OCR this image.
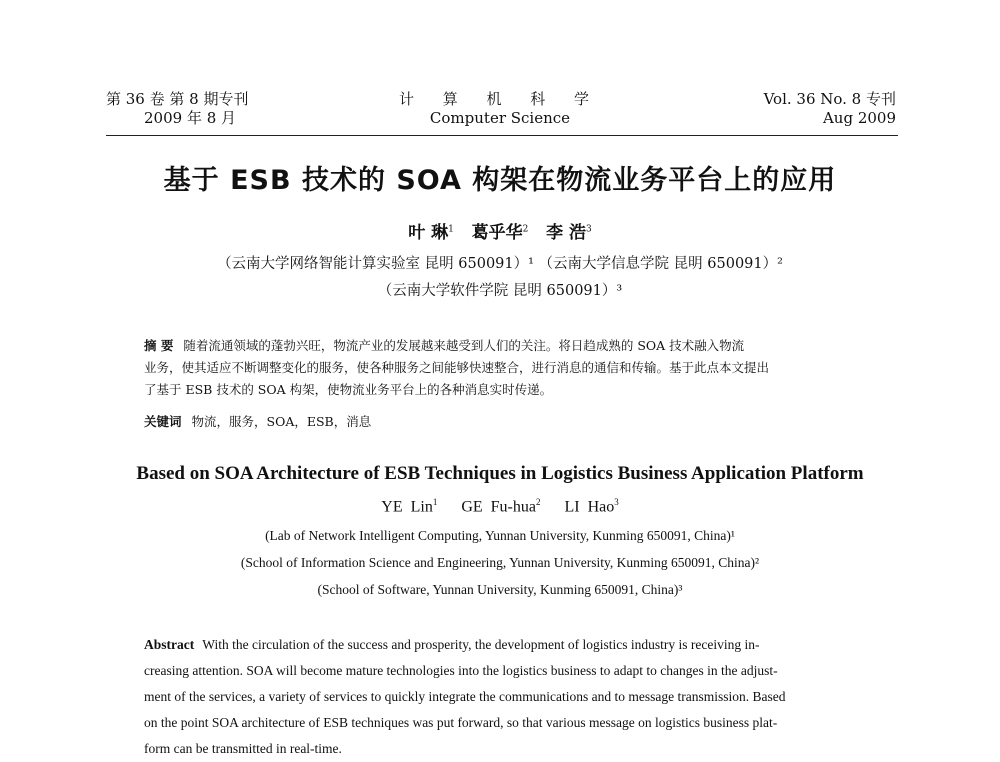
第 36 卷 第 8 期专刊
2009 年 8 月
计 算 机 科 学
Computer Science
Vol. 36 No. 8 专刊
Aug 2009
基于 ESB 技术的 SOA 构架在物流业务平台上的应用
叶 琳$^1$ 葛乎华$^2$ 李 浩$^3$
（云南大学网络智能计算实验室 昆明 650091）¹ （云南大学信息学院 昆明 650091）²
（云南大学软件学院 昆明 650091）³
摘 要 随着流通领域的蓬勃兴旺，物流产业的发展越来越受到人们的关注。将日趋成熟的 SOA 技术融入物流
业务，使其适应不断调整变化的服务，使各种服务之间能够快速整合，进行消息的通信和传输。基于此点本文提出
了基于 ESB 技术的 SOA 构架，使物流业务平台上的各种消息实时传递。
关键词 物流，服务，SOA，ESB，消息
Based on SOA Architecture of ESB Techniques in Logistics Business Application Platform
YE Lin$^1$ GE Fu-hua$^2$ LI Hao$^3$
(Lab of Network Intelligent Computing, Yunnan University, Kunming 650091, China)¹
(School of Information Science and Engineering, Yunnan University, Kunming 650091, China)²
(School of Software, Yunnan University, Kunming 650091, China)³
Abstract With the circulation of the success and prosperity, the development of logistics industry is receiving in-
creasing attention. SOA will become mature technologies into the logistics business to adapt to changes in the adjust-
ment of the services, a variety of services to quickly integrate the communications and to message transmission. Based
on the point SOA architecture of ESB techniques was put forward, so that various message on logistics business plat-
form can be transmitted in real-time.
